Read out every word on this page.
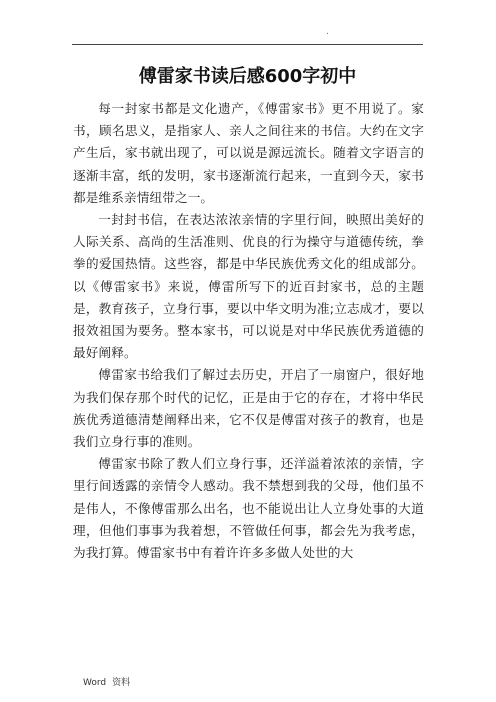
.
傅雷家书读后感600字初中

每一封家书都是文化遗产，《傅雷家书》更不用说了。家书，顾名思义，是指家人、亲人之间往来的书信。大约在文字产生后，家书就出现了，可以说是源远流长。随着文字语言的逐渐丰富，纸的发明，家书逐渐流行起来，一直到今天，家书都是维系亲情纽带之一。

一封封书信，在表达浓浓亲情的字里行间，映照出美好的人际关系、高尚的生活准则、优良的行为操守与道德传统，拳拳的爱国热情。这些容，都是中华民族优秀文化的组成部分。以《傅雷家书》来说，傅雷所写下的近百封家书，总的主题是，教育孩子，立身行事，要以中华文明为准;立志成才，要以报效祖国为要务。整本家书，可以说是对中华民族优秀道德的最好阐释。

傅雷家书给我们了解过去历史，开启了一扇窗户，很好地为我们保存那个时代的记忆，正是由于它的存在，才将中华民族优秀道德清楚阐释出来，它不仅是傅雷对孩子的教育，也是我们立身行事的准则。

傅雷家书除了教人们立身行事，还洋溢着浓浓的亲情，字里行间透露的亲情令人感动。我不禁想到我的父母，他们虽不是伟人，不像傅雷那么出名，也不能说出让人立身处事的大道理，但他们事事为我着想，不管做任何事，都会先为我考虑，为我打算。傅雷家书中有着许许多多做人处世的大

Word 资料
